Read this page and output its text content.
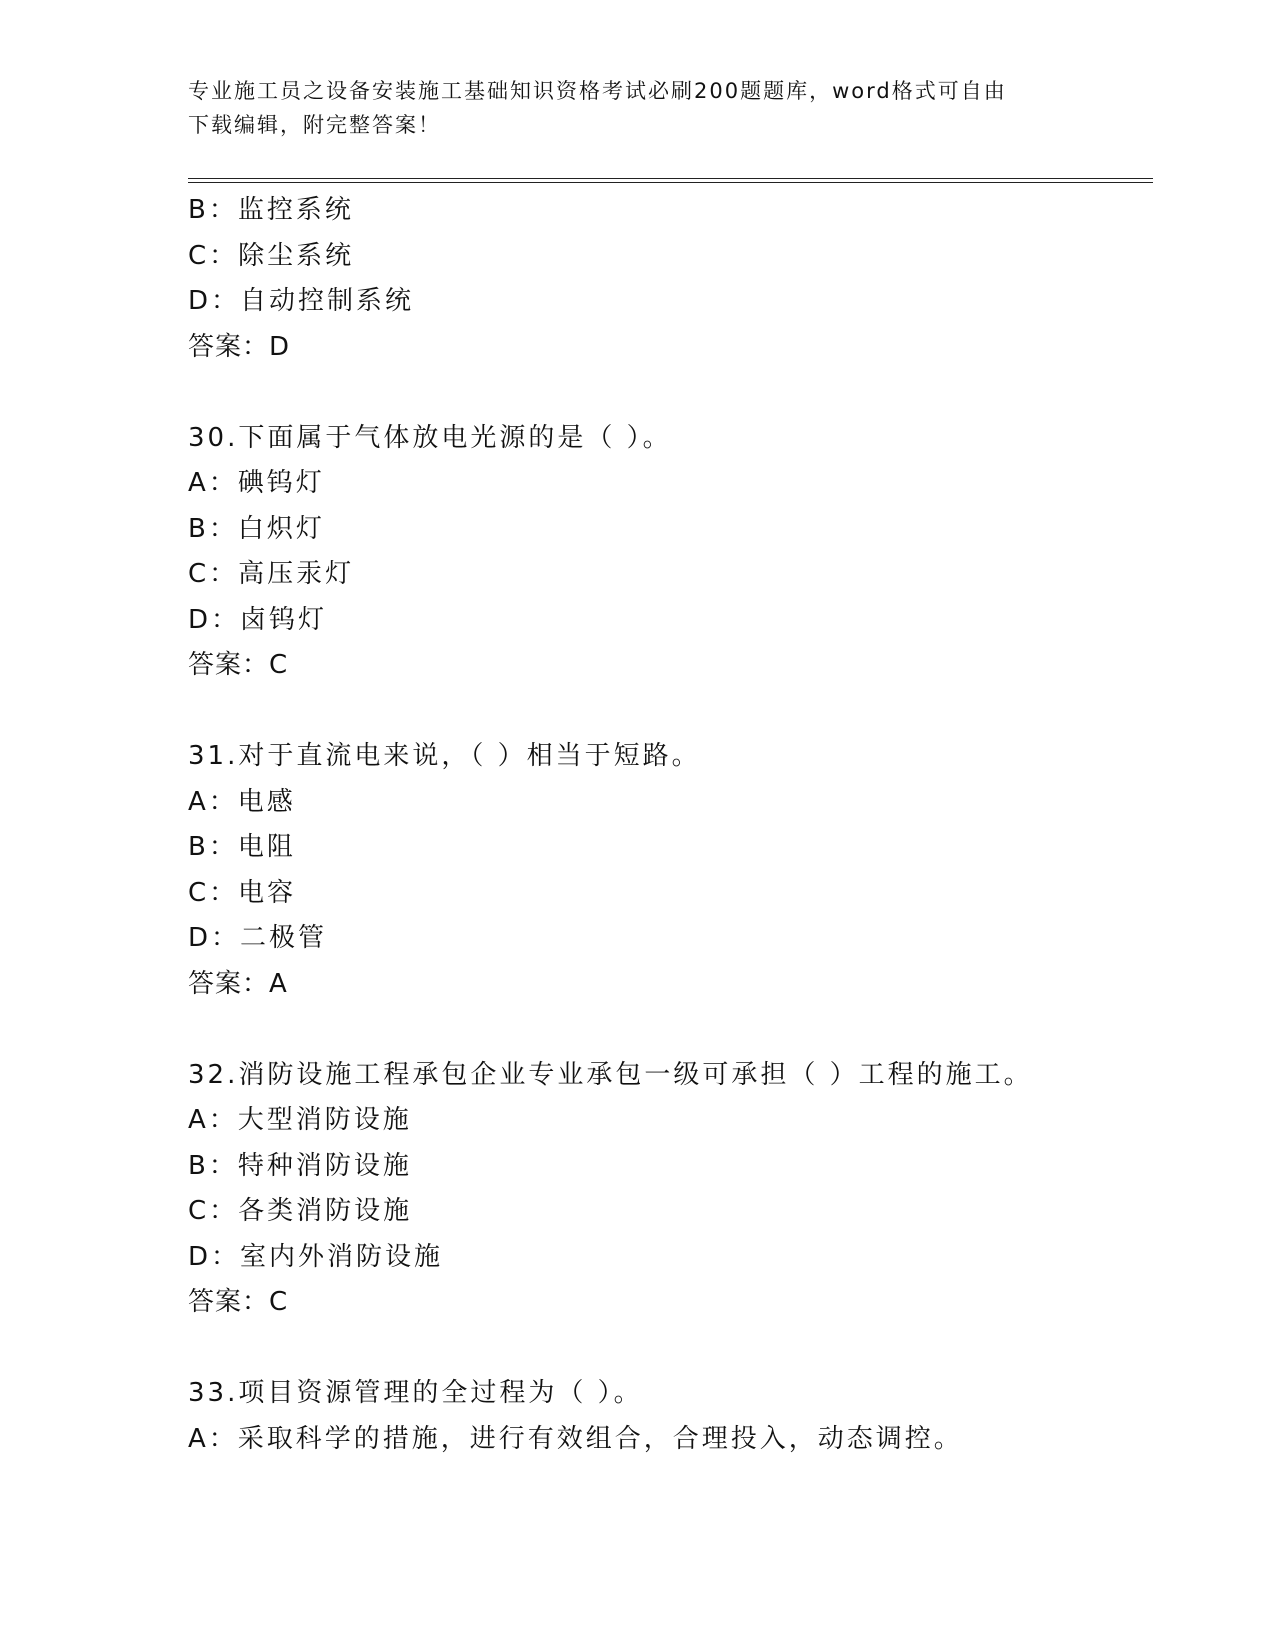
专业施工员之设备安装施工基础知识资格考试必刷200题题库，word格式可自由
下载编辑，附完整答案！
B：监控系统
C：除尘系统
D：自动控制系统
答案：D
30.下面属于气体放电光源的是（ ）。
A：碘钨灯
B：白炽灯
C：高压汞灯
D：卤钨灯
答案：C
31.对于直流电来说，（ ）相当于短路。
A：电感
B：电阻
C：电容
D：二极管
答案：A
32.消防设施工程承包企业专业承包一级可承担（ ）工程的施工。
A：大型消防设施
B：特种消防设施
C：各类消防设施
D：室内外消防设施
答案：C
33.项目资源管理的全过程为（ ）。
A：采取科学的措施，进行有效组合，合理投入，动态调控。
